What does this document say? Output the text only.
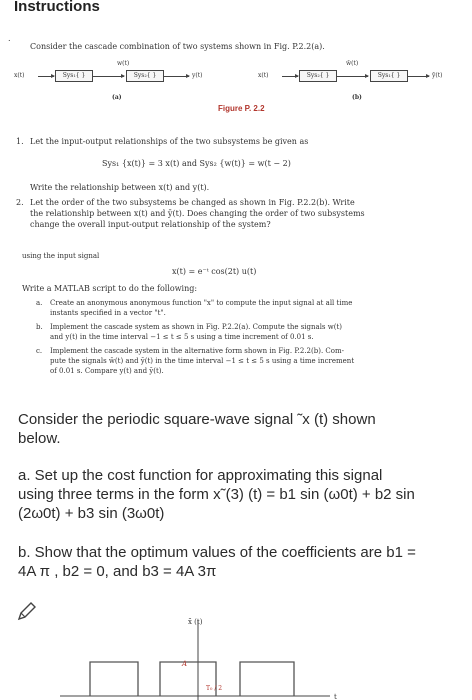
Instructions
.
Consider the cascade combination of two systems shown in Fig. P.2.2(a).
x(t)	Sys₁{ }
w(t)
Sys₂{ }	y(t)
(a)
x(t)	Sys₂{ }
w̄(t)
Sys₁{ }	ȳ(t)
(b)
Figure P. 2.2
1. Let the input-output relationships of the two subsystems be given as
Sys₁ {x(t)} = 3 x(t) and Sys₂ {w(t)} = w(t − 2)
Write the relationship between x(t) and y(t).
2. Let the order of the two subsystems be changed as shown in Fig. P.2.2(b). Write
the relationship between x(t) and ȳ(t). Does changing the order of two subsystems
change the overall input-output relationship of the system?
using the input signal
x(t) = e⁻ᵗ cos(2t) u(t)
Write a MATLAB script to do the following:
a. Create an anonymous anonymous function "x" to compute the input signal at all time
instants specified in a vector "t".
b. Implement the cascade system as shown in Fig. P.2.2(a). Compute the signals w(t)
and y(t) in the time interval −1 ≤ t ≤ 5 s using a time increment of 0.01 s.
c. Implement the cascade system in the alternative form shown in Fig. P.2.2(b). Com-
pute the signals w̄(t) and ȳ(t) in the time interval −1 ≤ t ≤ 5 s using a time increment
of 0.01 s. Compare y(t) and ȳ(t).
Consider the periodic square-wave signal ˜x (t) shown
below.
a. Set up the cost function for approximating this signal
using three terms in the form x˜(3) (t) = b1 sin (ω0t) + b2 sin
(2ω0t) + b3 sin (3ω0t)
b. Show that the optimum values of the coefficients are b1 =
4A π , b2 = 0, and b3 = 4A 3π
x̃ (t)
A
T₀ / 2
t
